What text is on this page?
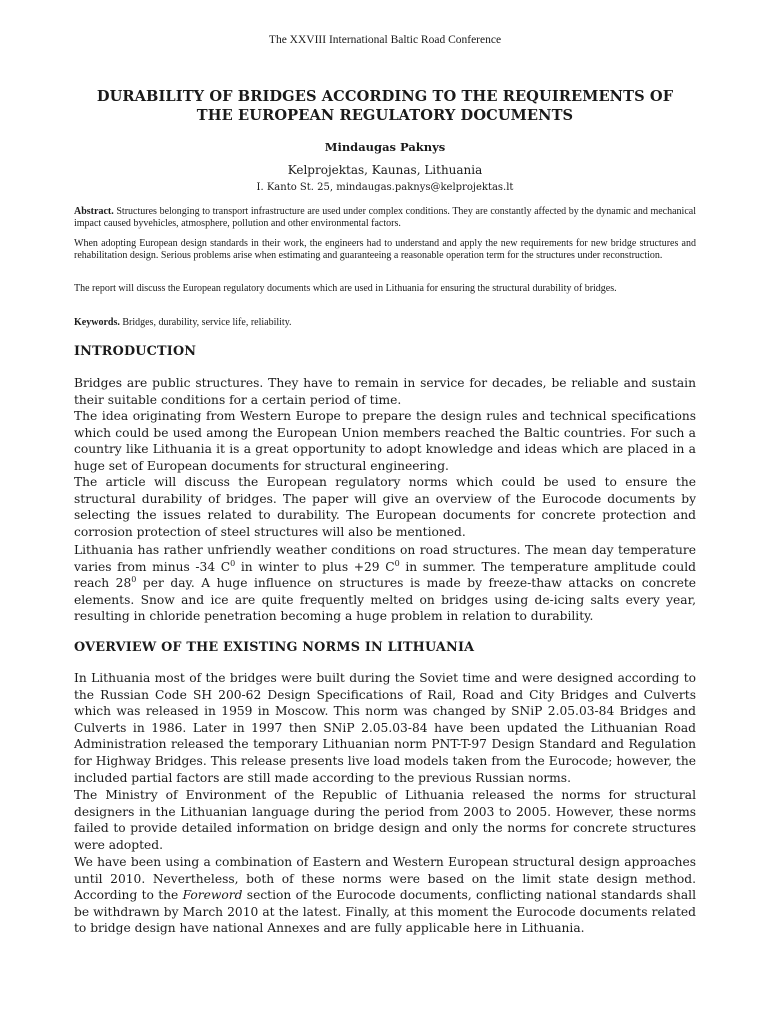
The XXVIII International Baltic Road Conference
DURABILITY OF BRIDGES ACCORDING TO THE REQUIREMENTS OF
THE EUROPEAN REGULATORY DOCUMENTS
Mindaugas Paknys
Kelprojektas, Kaunas, Lithuania
I. Kanto St. 25, mindaugas.paknys@kelprojektas.lt

Abstract. Structures belonging to transport infrastructure are used under complex conditions. They are constantly affected by the dynamic and mechanical impact caused byvehicles, atmosphere, pollution and other environmental factors.

When adopting European design standards in their work, the engineers had to understand and apply the new requirements for new bridge structures and rehabilitation design. Serious problems arise when estimating and guaranteeing a reasonable operation term for the structures under reconstruction.

The report will discuss the European regulatory documents which are used in Lithuania for ensuring the structural durability of bridges.

Keywords. Bridges, durability, service life, reliability.

INTRODUCTION

Bridges are public structures. They have to remain in service for decades, be reliable and sustain their suitable conditions for a certain period of time.

The idea originating from Western Europe to prepare the design rules and technical specifications which could be used among the European Union members reached the Baltic countries. For such a country like Lithuania it is a great opportunity to adopt knowledge and ideas which are placed in a huge set of European documents for structural engineering.

The article will discuss the European regulatory norms which could be used to ensure the structural durability of bridges. The paper will give an overview of the Eurocode documents by selecting the issues related to durability. The European documents for concrete protection and corrosion protection of steel structures will also be mentioned.

Lithuania has rather unfriendly weather conditions on road structures. The mean day temperature varies from minus -34 $C^0$ in winter to plus +29 $C^0$ in summer. The temperature amplitude could reach $28^0$ per day. A huge influence on structures is made by freeze-thaw attacks on concrete elements. Snow and ice are quite frequently melted on bridges using de-icing salts every year, resulting in chloride penetration becoming a huge problem in relation to durability.

OVERVIEW OF THE EXISTING NORMS IN LITHUANIA

In Lithuania most of the bridges were built during the Soviet time and were designed according to the Russian Code SH 200-62 Design Specifications of Rail, Road and City Bridges and Culverts which was released in 1959 in Moscow. This norm was changed by SNiP 2.05.03-84 Bridges and Culverts in 1986. Later in 1997 then SNiP 2.05.03-84 have been updated the Lithuanian Road Administration released the temporary Lithuanian norm PNT-T-97 Design Standard and Regulation for Highway Bridges. This release presents live load models taken from the Eurocode; however, the included partial factors are still made according to the previous Russian norms.

The Ministry of Environment of the Republic of Lithuania released the norms for structural designers in the Lithuanian language during the period from 2003 to 2005. However, these norms failed to provide detailed information on bridge design and only the norms for concrete structures were adopted.

We have been using a combination of Eastern and Western European structural design approaches until 2010. Nevertheless, both of these norms were based on the limit state design method. According to the Foreword section of the Eurocode documents, conflicting national standards shall be withdrawn by March 2010 at the latest. Finally, at this moment the Eurocode documents related to bridge design have national Annexes and are fully applicable here in Lithuania.
